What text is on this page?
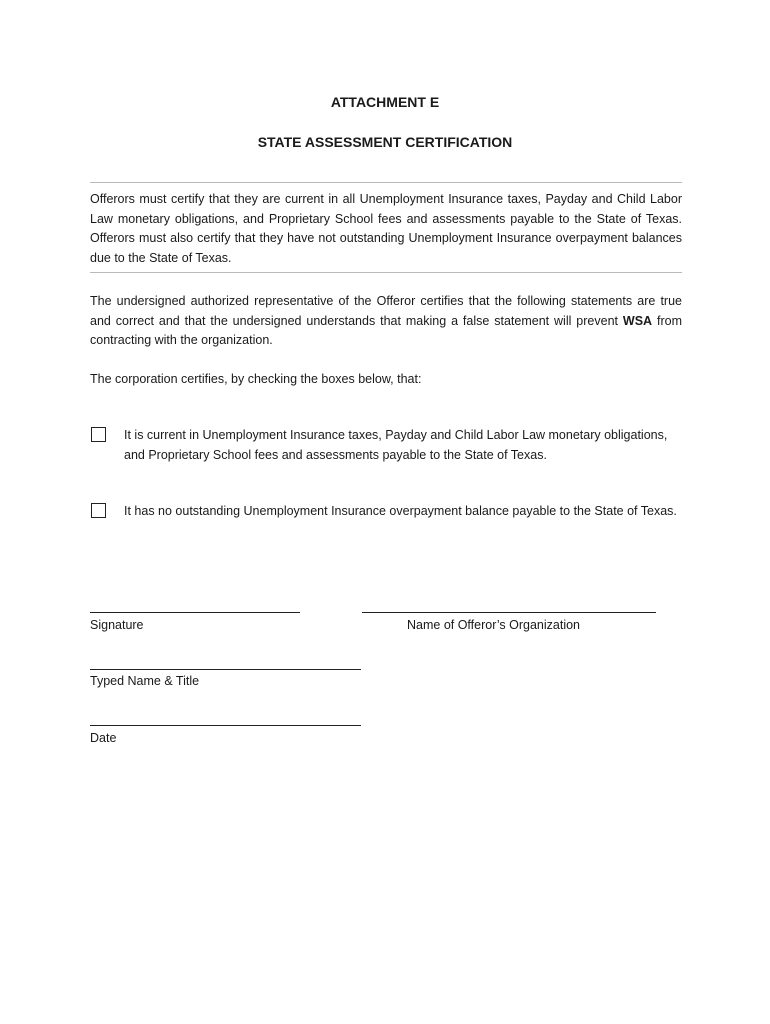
ATTACHMENT E
STATE ASSESSMENT CERTIFICATION

Offerors must certify that they are current in all Unemployment Insurance taxes, Payday and Child Labor Law monetary obligations, and Proprietary School fees and assessments payable to the State of Texas. Offerors must also certify that they have not outstanding Unemployment Insurance overpayment balances due to the State of Texas.

The undersigned authorized representative of the Offeror certifies that the following statements are true and correct and that the undersigned understands that making a false statement will prevent WSA from contracting with the organization.

The corporation certifies, by checking the boxes below, that:

It is current in Unemployment Insurance taxes, Payday and Child Labor Law monetary obligations, and Proprietary School fees and assessments payable to the State of Texas.

It has no outstanding Unemployment Insurance overpayment balance payable to the State of Texas.

Signature	Name of Offeror’s Organization
Typed Name & Title
Date
